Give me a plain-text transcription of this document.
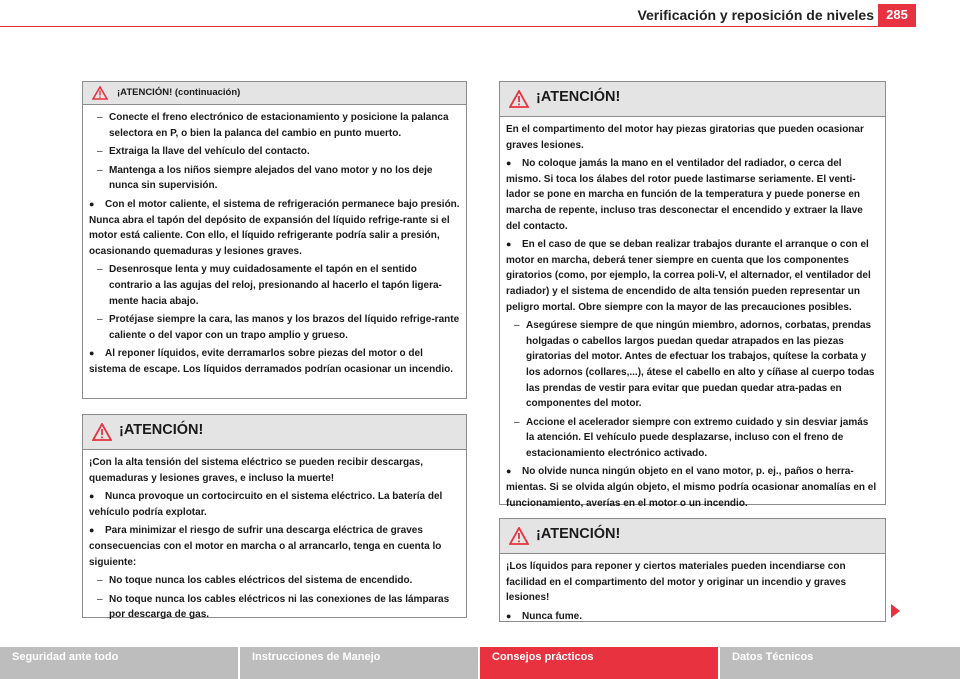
Verificación y reposición de niveles 285
¡ATENCIÓN! (continuación)

– Conecte el freno electrónico de estacionamiento y posicione la palanca selectora en P, o bien la palanca del cambio en punto muerto.

– Extraiga la llave del vehículo del contacto.

– Mantenga a los niños siempre alejados del vano motor y no los deje nunca sin supervisión.

● Con el motor caliente, el sistema de refrigeración permanece bajo presión. Nunca abra el tapón del depósito de expansión del líquido refrige-rante si el motor está caliente. Con ello, el líquido refrigerante podría salir a presión, ocasionando quemaduras y lesiones graves.

– Desenrosque lenta y muy cuidadosamente el tapón en el sentido contrario a las agujas del reloj, presionando al hacerlo el tapón ligera-mente hacia abajo.

– Protéjase siempre la cara, las manos y los brazos del líquido refrige-rante caliente o del vapor con un trapo amplio y grueso.

● Al reponer líquidos, evite derramarlos sobre piezas del motor o del sistema de escape. Los líquidos derramados podrían ocasionar un incendio.

¡ATENCIÓN!

¡Con la alta tensión del sistema eléctrico se pueden recibir descargas, quemaduras y lesiones graves, e incluso la muerte!

● Nunca provoque un cortocircuito en el sistema eléctrico. La batería del vehículo podría explotar.

● Para minimizar el riesgo de sufrir una descarga eléctrica de graves consecuencias con el motor en marcha o al arrancarlo, tenga en cuenta lo siguiente:

– No toque nunca los cables eléctricos del sistema de encendido.

– No toque nunca los cables eléctricos ni las conexiones de las lámparas por descarga de gas.

¡ATENCIÓN!

En el compartimento del motor hay piezas giratorias que pueden ocasionar graves lesiones.

● No coloque jamás la mano en el ventilador del radiador, o cerca del mismo. Si toca los álabes del rotor puede lastimarse seriamente. El venti-lador se pone en marcha en función de la temperatura y puede ponerse en marcha de repente, incluso tras desconectar el encendido y extraer la llave del contacto.

● En el caso de que se deban realizar trabajos durante el arranque o con el motor en marcha, deberá tener siempre en cuenta que los componentes giratorios (como, por ejemplo, la correa poli-V, el alternador, el ventilador del radiador) y el sistema de encendido de alta tensión pueden representar un peligro mortal. Obre siempre con la mayor de las precauciones posibles.

– Asegúrese siempre de que ningún miembro, adornos, corbatas, prendas holgadas o cabellos largos puedan quedar atrapados en las piezas giratorias del motor. Antes de efectuar los trabajos, quítese la corbata y los adornos (collares,...), átese el cabello en alto y cíñase al cuerpo todas las prendas de vestir para evitar que puedan quedar atra-padas en componentes del motor.

– Accione el acelerador siempre con extremo cuidado y sin desviar jamás la atención. El vehículo puede desplazarse, incluso con el freno de estacionamiento electrónico activado.

● No olvide nunca ningún objeto en el vano motor, p. ej., paños o herra-mientas. Si se olvida algún objeto, el mismo podría ocasionar anomalías en el funcionamiento, averías en el motor o un incendio.

¡ATENCIÓN!

¡Los líquidos para reponer y ciertos materiales pueden incendiarse con facilidad en el compartimento del motor y originar un incendio y graves lesiones!

● Nunca fume.

Seguridad ante todo	Instrucciones de Manejo	Consejos prácticos	Datos Técnicos
